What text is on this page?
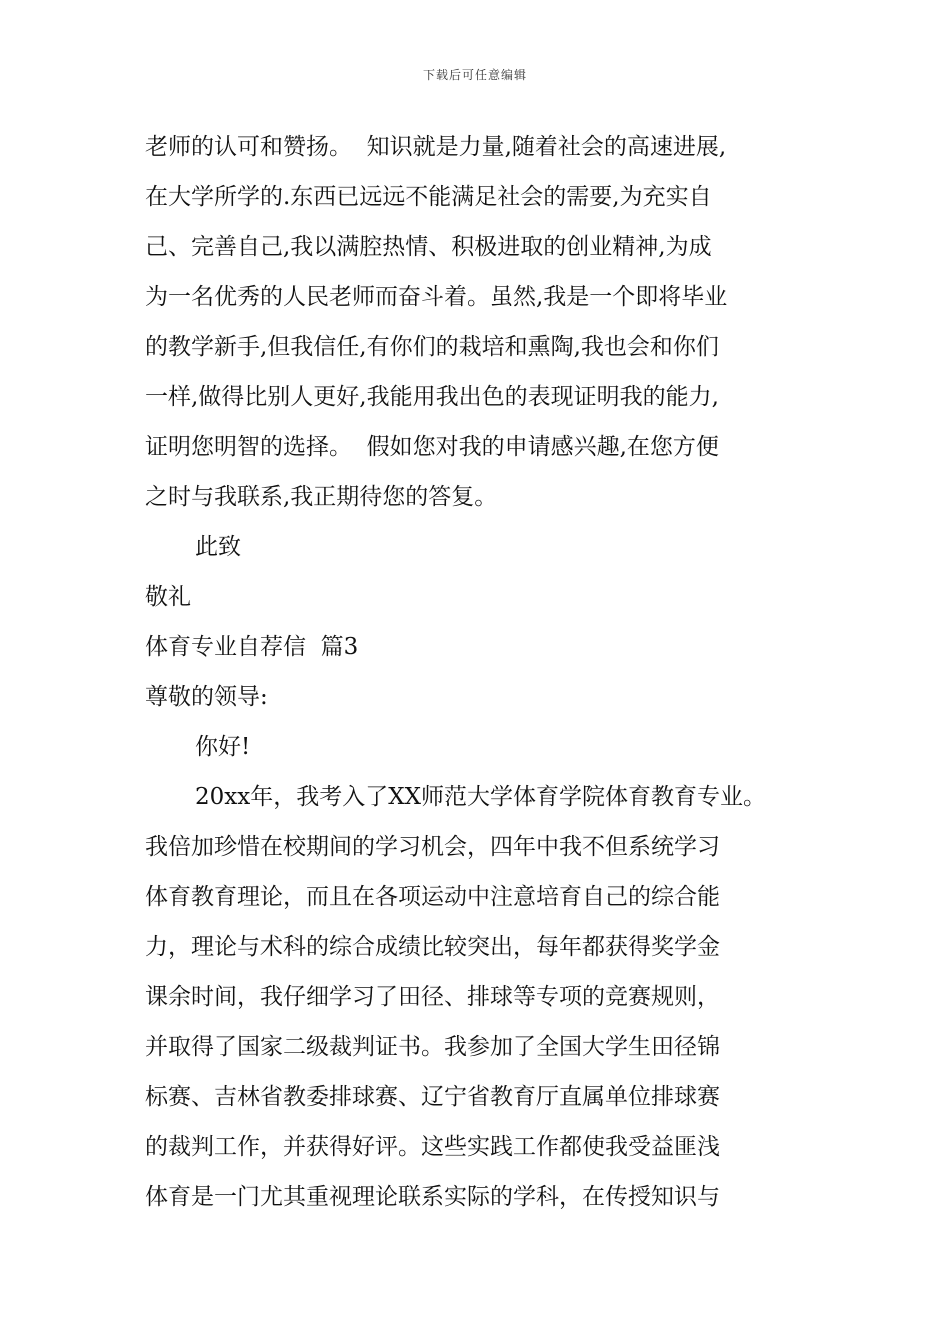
下载后可任意编辑
老师的认可和赞扬。  知识就是力量,随着社会的高速进展,
在大学所学的.东西已远远不能满足社会的需要,为充实自
己、完善自己,我以满腔热情、积极进取的创业精神,为成
为一名优秀的人民老师而奋斗着。虽然,我是一个即将毕业
的教学新手,但我信任,有你们的栽培和熏陶,我也会和你们
一样,做得比别人更好,我能用我出色的表现证明我的能力,
证明您明智的选择。  假如您对我的申请感兴趣,在您方便
之时与我联系,我正期待您的答复。
此致
敬礼
体育专业自荐信  篇3
尊敬的领导:
你好!
20xx年，我考入了XX师范大学体育学院体育教育专业。
我倍加珍惜在校期间的学习机会，四年中我不但系统学习
体育教育理论，而且在各项运动中注意培育自己的综合能
力，理论与术科的综合成绩比较突出，每年都获得奖学金
课余时间，我仔细学习了田径、排球等专项的竞赛规则，
并取得了国家二级裁判证书。我参加了全国大学生田径锦
标赛、吉林省教委排球赛、辽宁省教育厅直属单位排球赛
的裁判工作，并获得好评。这些实践工作都使我受益匪浅
体育是一门尤其重视理论联系实际的学科，在传授知识与
